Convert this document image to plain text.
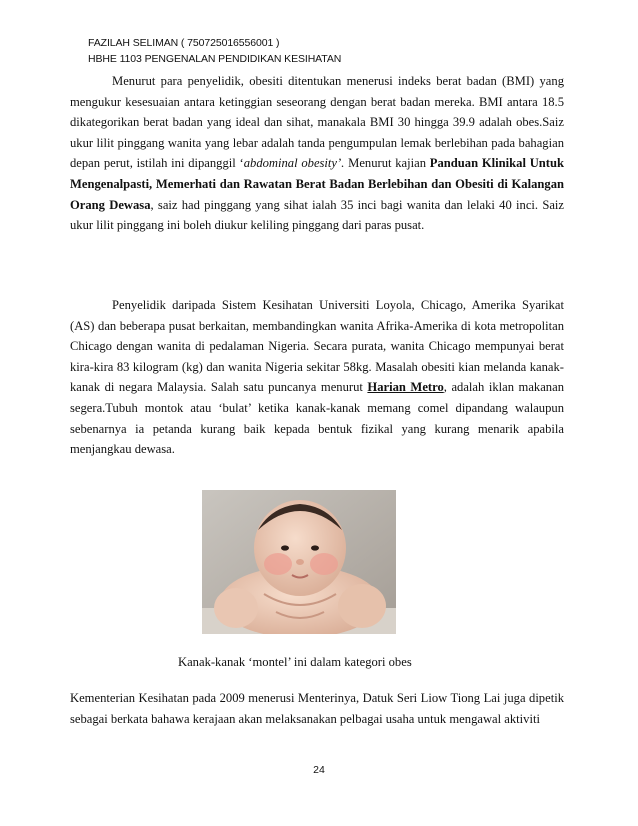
FAZILAH SELIMAN ( 750725016556001 )
HBHE 1103 PENGENALAN PENDIDIKAN KESIHATAN

Menurut para penyelidik, obesiti ditentukan menerusi indeks berat badan (BMI) yang mengukur kesesuaian antara ketinggian seseorang dengan berat badan mereka. BMI antara 18.5 dikategorikan berat badan yang ideal dan sihat, manakala BMI 30 hingga 39.9 adalah obes.Saiz ukur lilit pinggang wanita yang lebar adalah tanda pengumpulan lemak berlebihan pada bahagian depan perut, istilah ini dipanggil ‘abdominal obesity’. Menurut kajian Panduan Klinikal Untuk Mengenalpasti, Memerhati dan Rawatan Berat Badan Berlebihan dan Obesiti di Kalangan Orang Dewasa, saiz had pinggang yang sihat ialah 35 inci bagi wanita dan lelaki 40 inci. Saiz ukur lilit pinggang ini boleh diukur keliling pinggang dari paras pusat.

Penyelidik daripada Sistem Kesihatan Universiti Loyola, Chicago, Amerika Syarikat (AS) dan beberapa pusat berkaitan, membandingkan wanita Afrika-Amerika di kota metropolitan Chicago dengan wanita di pedalaman Nigeria. Secara purata, wanita Chicago mempunyai berat kira-kira 83 kilogram (kg) dan wanita Nigeria sekitar 58kg. Masalah obesiti kian melanda kanak-kanak di negara Malaysia. Salah satu puncanya menurut Harian Metro, adalah iklan makanan segera.Tubuh montok atau ‘bulat’ ketika kanak-kanak memang comel dipandang walaupun sebenarnya ia petanda kurang baik kepada bentuk fizikal yang kurang menarik apabila menjangkau dewasa.

Kanak-kanak ‘montel’ ini dalam kategori obes

Kementerian Kesihatan pada 2009 menerusi Menterinya, Datuk Seri Liow Tiong Lai juga dipetik sebagai berkata bahawa kerajaan akan melaksanakan pelbagai usaha untuk mengawal aktiviti

24
